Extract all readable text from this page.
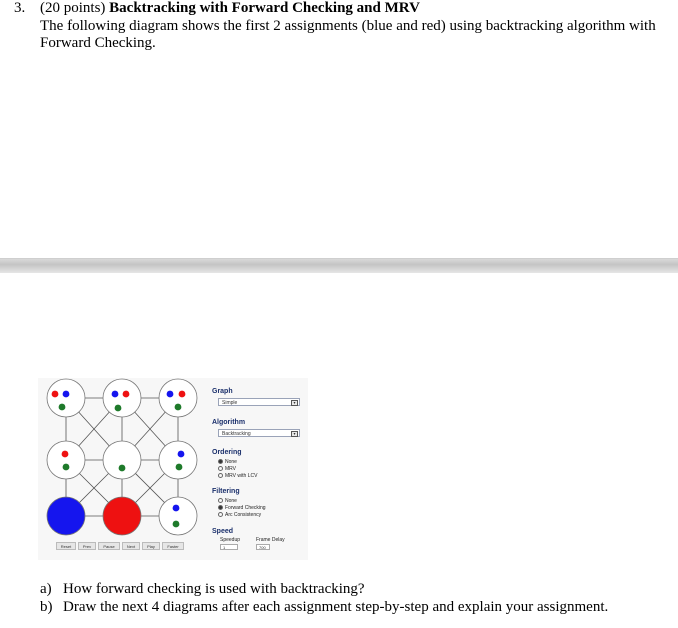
3. (20 points) Backtracking with Forward Checking and MRV
The following diagram shows the first 2 assignments (blue and red) using backtracking algorithm with
Forward Checking.
Graph
Simple	▾
Algorithm
Backtracking	▾
Ordering
None
MRV
MRV with LCV
Filtering
None
Forward Checking
Arc Consistency
Speed
Speedup	Frame Delay
1	700
Reset	Prev	Pause	Next	Play	Faster
a) How forward checking is used with backtracking?
b) Draw the next 4 diagrams after each assignment step-by-step and explain your assignment.
